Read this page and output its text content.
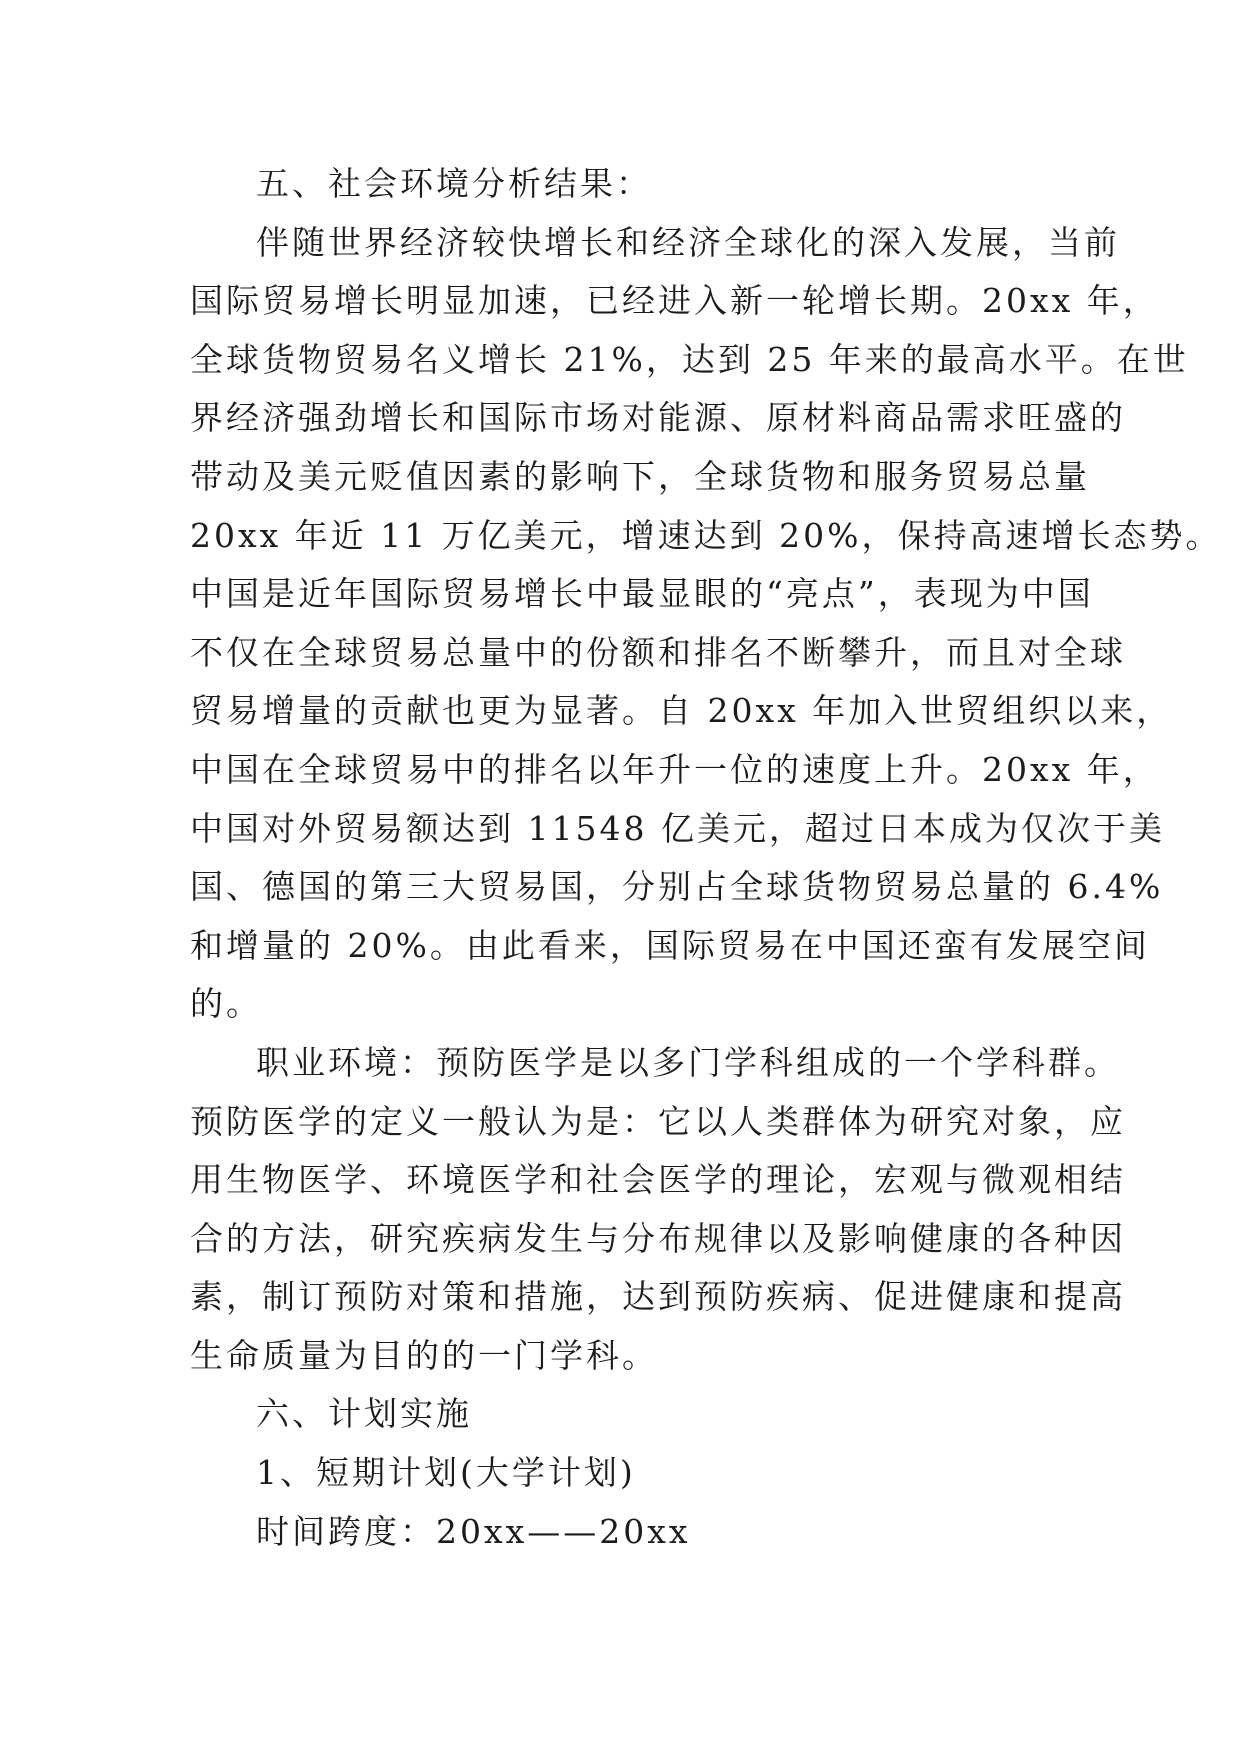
五、社会环境分析结果：
伴随世界经济较快增长和经济全球化的深入发展，当前
国际贸易增长明显加速，已经进入新一轮增长期。20xx 年，
全球货物贸易名义增长 21%，达到 25 年来的最高水平。在世
界经济强劲增长和国际市场对能源、原材料商品需求旺盛的
带动及美元贬值因素的影响下，全球货物和服务贸易总量
20xx 年近 11 万亿美元，增速达到 20%，保持高速增长态势。
中国是近年国际贸易增长中最显眼的“亮点”，表现为中国
不仅在全球贸易总量中的份额和排名不断攀升，而且对全球
贸易增量的贡献也更为显著。自 20xx 年加入世贸组织以来，
中国在全球贸易中的排名以年升一位的速度上升。20xx 年，
中国对外贸易额达到 11548 亿美元，超过日本成为仅次于美
国、德国的第三大贸易国，分别占全球货物贸易总量的 6.4%
和增量的 20%。由此看来，国际贸易在中国还蛮有发展空间
的。
职业环境：预防医学是以多门学科组成的一个学科群。
预防医学的定义一般认为是：它以人类群体为研究对象，应
用生物医学、环境医学和社会医学的理论，宏观与微观相结
合的方法，研究疾病发生与分布规律以及影响健康的各种因
素，制订预防对策和措施，达到预防疾病、促进健康和提高
生命质量为目的的一门学科。
六、计划实施
1、短期计划(大学计划)
时间跨度：20xx——20xx
